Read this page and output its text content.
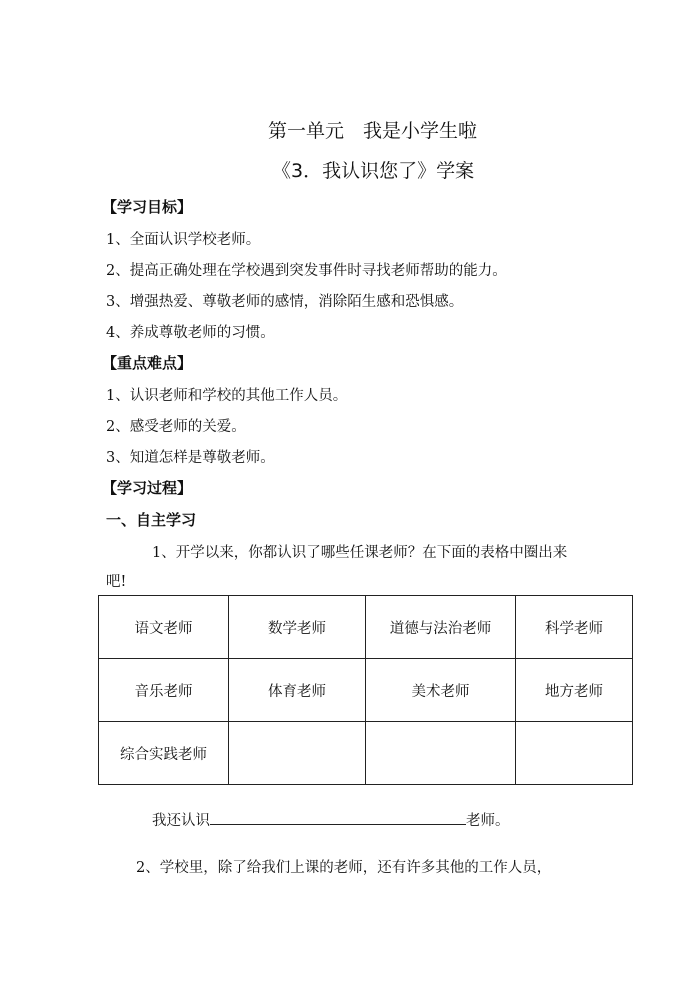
第一单元　我是小学生啦
《3．我认识您了》学案
【学习目标】
1、全面认识学校老师。
2、提高正确处理在学校遇到突发事件时寻找老师帮助的能力。
3、增强热爱、尊敬老师的感情，消除陌生感和恐惧感。
4、养成尊敬老师的习惯。
【重点难点】
1、认识老师和学校的其他工作人员。
2、感受老师的关爱。
3、知道怎样是尊敬老师。
【学习过程】
一、自主学习
1、开学以来，你都认识了哪些任课老师？在下面的表格中圈出来
吧!
语文老师	数学老师	道德与法治老师	科学老师
音乐老师	体育老师	美术老师	地方老师
综合实践老师			
我还认识	老师。
2、学校里，除了给我们上课的老师，还有许多其他的工作人员，
